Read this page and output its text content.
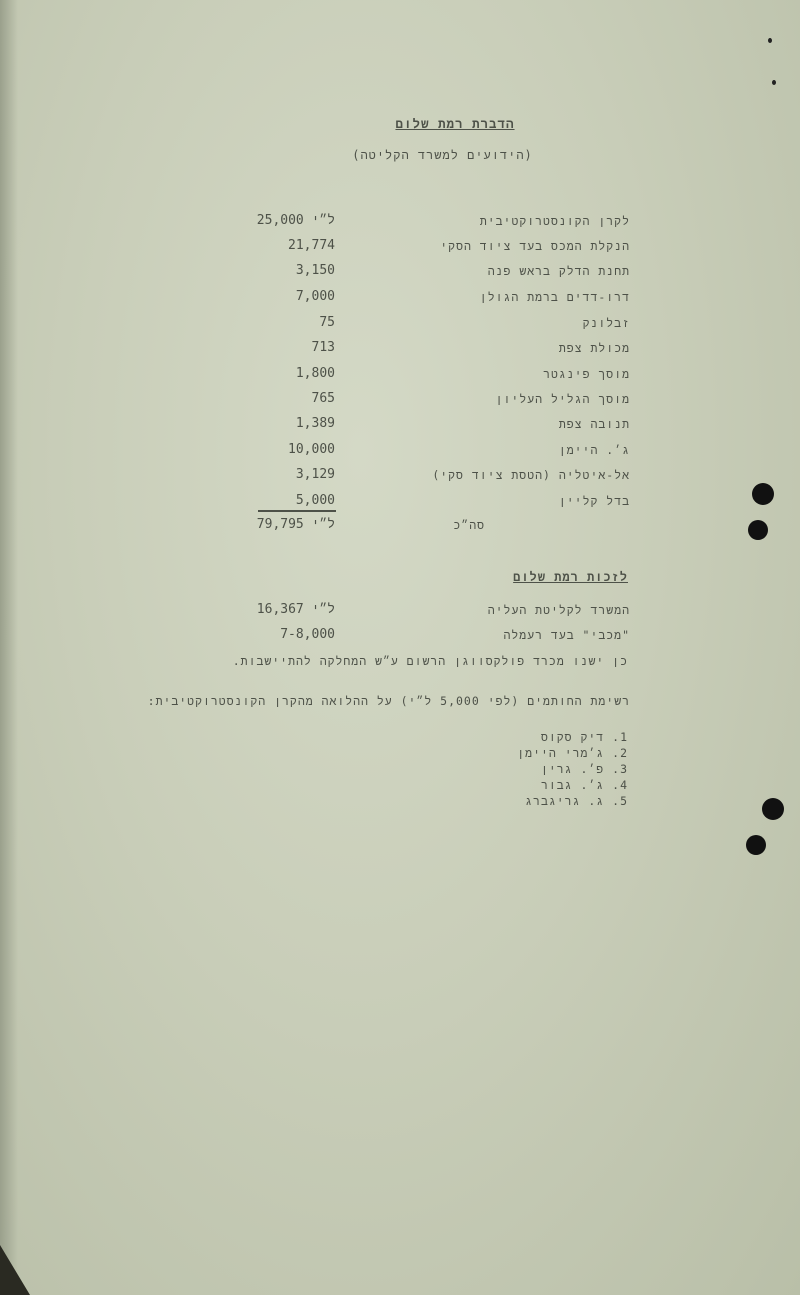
הדברת רמת שלום
(הידועים למשרד הקליטה)
לקרן הקונסטרוקטיבית
25,000 ל״י
הנקלת המכס בעד ציוד הסקי
21,774
תחנת הדלק בראש פנה
3,150
דרו-דדים ברמת הגולן
7,000
זבלונק
75
מכולת צפת
713
מוסך פינגטר
1,800
מוסך הגליל העליון
765
תנובה צפת
1,389
ג׳. היימן
10,000
אל-איטליה (הטסת ציוד סקי)
3,129
בדל קליין
5,000
סה״כ
79,795 ל״י
לזכות רמת שלום
המשרד לקליטת העליה
16,367 ל״י
"מכבי" בעד רעמלה
7-8,000
כן ישנו מכרד פולקסווגן הרשום ע״ש המחלקה להתיישבות.
רשימת החותמים (לפי 5,000 ל״י) על ההלואה מהקרן הקונסטרוקטיבית:
1. דיק סקוס
2. ג׳מרי היימן
3. פ׳. גרין
4. ג׳. גבור
5. ג. גריגברג
